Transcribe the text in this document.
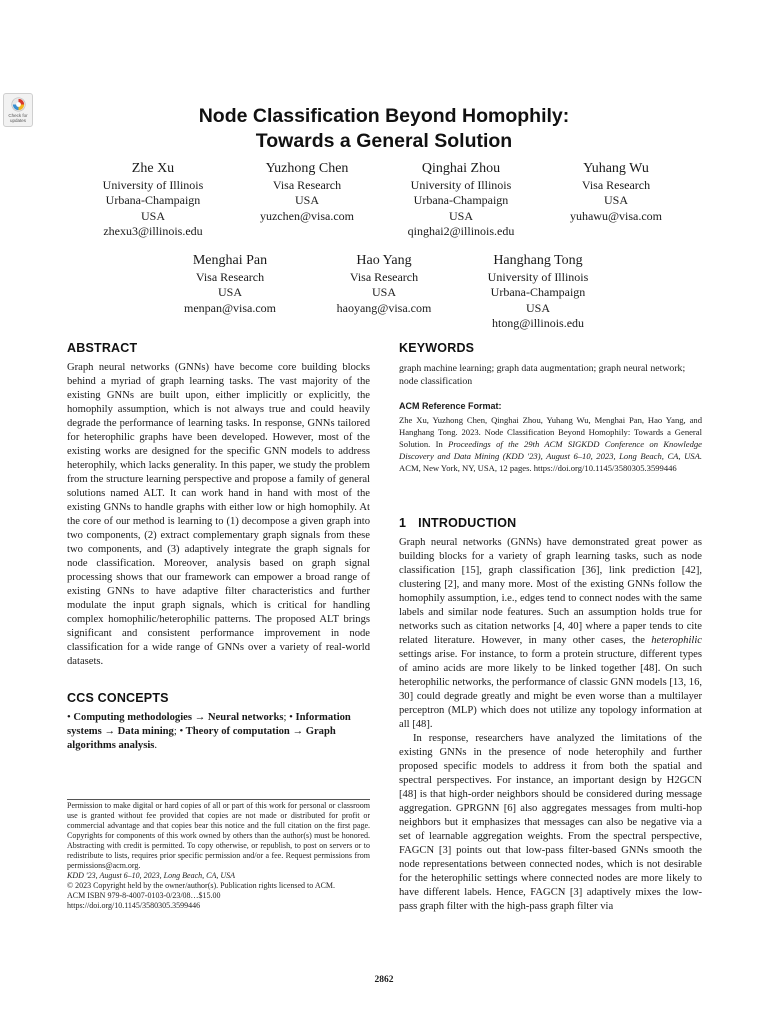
Check for updates	Node Classification Beyond Homophily:
Towards a General Solution
Zhe Xu
University of Illinois
Urbana-Champaign
USA
zhexu3@illinois.edu
Yuzhong Chen
Visa Research
USA
yuzchen@visa.com
Qinghai Zhou
University of Illinois
Urbana-Champaign
USA
qinghai2@illinois.edu
Yuhang Wu
Visa Research
USA
yuhawu@visa.com
Menghai Pan
Visa Research
USA
menpan@visa.com
Hao Yang
Visa Research
USA
haoyang@visa.com
Hanghang Tong
University of Illinois
Urbana-Champaign
USA
htong@illinois.edu
ABSTRACT
Graph neural networks (GNNs) have become core building blocks behind a myriad of graph learning tasks. The vast majority of the existing GNNs are built upon, either implicitly or explicitly, the homophily assumption, which is not always true and could heavily degrade the performance of learning tasks. In response, GNNs tailored for heterophilic graphs have been developed. However, most of the existing works are designed for the specific GNN models to address heterophily, which lacks generality. In this paper, we study the problem from the structure learning perspective and propose a family of general solutions named ALT. It can work hand in hand with most of the existing GNNs to handle graphs with either low or high homophily. At the core of our method is learning to (1) decompose a given graph into two components, (2) extract complementary graph signals from these two components, and (3) adaptively integrate the graph signals for node classification. Moreover, analysis based on graph signal processing shows that our framework can empower a broad range of existing GNNs to have adaptive filter characteristics and further modulate the input graph signals, which is critical for handling complex homophilic/heterophilic patterns. The proposed ALT brings significant and consistent performance improvement in node classification for a wide range of GNNs over a variety of real-world datasets.
CCS CONCEPTS
• Computing methodologies → Neural networks; • Information systems → Data mining; • Theory of computation → Graph algorithms analysis.

Permission to make digital or hard copies of all or part of this work for personal or classroom use is granted without fee provided that copies are not made or distributed for profit or commercial advantage and that copies bear this notice and the full citation on the first page. Copyrights for components of this work owned by others than the author(s) must be honored. Abstracting with credit is permitted. To copy otherwise, or republish, to post on servers or to redistribute to lists, requires prior specific permission and/or a fee. Request permissions from permissions@acm.org.

KDD '23, August 6–10, 2023, Long Beach, CA, USA

© 2023 Copyright held by the owner/author(s). Publication rights licensed to ACM.

ACM ISBN 979-8-4007-0103-0/23/08…$15.00

https://doi.org/10.1145/3580305.3599446

KEYWORDS
graph machine learning; graph data augmentation; graph neural network; node classification
ACM Reference Format:
Zhe Xu, Yuzhong Chen, Qinghai Zhou, Yuhang Wu, Menghai Pan, Hao Yang, and Hanghang Tong. 2023. Node Classification Beyond Homophily: Towards a General Solution. In Proceedings of the 29th ACM SIGKDD Conference on Knowledge Discovery and Data Mining (KDD '23), August 6–10, 2023, Long Beach, CA, USA. ACM, New York, NY, USA, 12 pages. https://doi.org/10.1145/3580305.3599446
1 INTRODUCTION

Graph neural networks (GNNs) have demonstrated great power as building blocks for a variety of graph learning tasks, such as node classification [15], graph classification [36], link prediction [42], clustering [2], and many more. Most of the existing GNNs follow the homophily assumption, i.e., edges tend to connect nodes with the same labels and similar node features. Such an assumption holds true for networks such as citation networks [4, 40] where a paper tends to cite related literature. However, in many other cases, the heterophilic settings arise. For instance, to form a protein structure, different types of amino acids are more likely to be linked together [48]. On such heterophilic networks, the performance of classic GNN models [13, 16, 30] could degrade greatly and might be even worse than a multilayer perceptron (MLP) which does not utilize any topology information at all [48].

In response, researchers have analyzed the limitations of the existing GNNs in the presence of node heterophily and further proposed specific models to address it from both the spatial and spectral perspectives. For instance, an important design by H2GCN [48] is that high-order neighbors should be considered during message aggregation. GPRGNN [6] also aggregates messages from multi-hop neighbors but it emphasizes that messages can also be negative via a set of learnable aggregation weights. From the spectral perspective, FAGCN [3] points out that low-pass filter-based GNNs smooth the node representations between connected nodes, which is not desirable for the heterophilic settings where connected nodes are more likely to have different labels. Hence, FAGCN [3] adaptively mixes the low-pass graph filter with the high-pass graph filter via

2862
